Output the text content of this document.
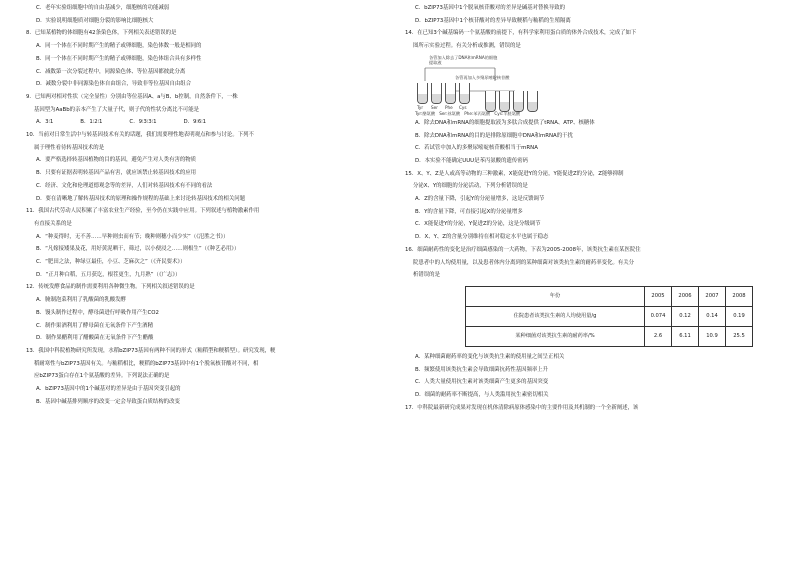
C．老年实验组细胞中的自由基减少，细胞核的功能减弱
D．实验说明细胞质对细胞分裂的影响比细胞核大
8．已知某植物的体细胞有42条染色体，下列相关表述错误的是
A．同一个体在不同时期产生的精子或卵细胞，染色体数一般是相同的
B．同一个体在不同时期产生的精子或卵细胞，染色体组合具有多样性
C．减数第一次分裂过程中，同源染色体、等位基因都彼此分离
D．减数分裂中非同源染色体自由组合，导致非等位基因自由组合
9．已知两对相对性状（完全显性）分别由等位基因A、a与B、b控制，自然条件下，一株
基因型为AaBb的亲本产生了大量子代，则子代的性状分离比不可能是
A．3∶1　　　　　B．1∶2∶1　　　　　C．9∶3∶3∶1　　　　　D．9∶6∶1
10．当前对日常生活中与转基因技术有关的话题，我们需要理性地表明观点和参与讨论。下列不
属于理性看待转基因技术的是
A．要严格选择转基因植物的目的基因，避免产生对人类有害的物质
B．只要有证据表明转基因产品有害，就应该禁止转基因技术的应用
C．经济、文化和伦理道德观念等的差异，人们对转基因技术有不同的看法
D．要在清晰地了解转基因技术的原理和操作规程的基础上来讨论转基因技术的相关问题
11．我国古代劳动人民积累了丰富农业生产经验，至今仍在实践中应用。下列叙述与植物激素作用
有直接关系的是
A．“种麦得时，无不善……早种则虫而有节；晚种则穗小而少实”（《氾胜之书》）
B．“凡嫁接矮果及花，用好黄泥晒干，筛过，以小便浸之……则根生”（《种艺必用》）
C．“肥田之法，种绿豆最佳，小豆、芝麻次之”（《齐民要术》）
D．“正月种白稻，五月获讫，根茬更生，九月熟”（《广志》）
12．传统发酵食品的制作需要利用各种微生物。下列相关叙述错误的是
A．腌制泡菜利用了乳酸菌的乳酸发酵
B．馒头制作过程中，酵母菌进行呼吸作用产生CO2
C．制作果酒利用了酵母菌在无氧条件下产生酒精
D．制作果醋利用了醋酸菌在无氧条件下产生醋酸
13．我国中科院植物研究所发现，水稻bZIP73基因有两种不同的形式（籼稻型和粳稻型）。研究发现，粳
稻耐寒性与bZIP73基因有关。与籼稻相比，粳稻的bZIP73基因中有1个脱氧核苷酸对不同，相
应bZIP73蛋白存在1个氨基酸的差异。下列说法正确的是
A．bZIP73基因中的1个碱基对的差异是由于基因突变引起的
B．基因中碱基排列顺序的改变一定会导致蛋白质结构的改变
C．bZIP73基因中1个脱氧核苷酸对的差异是碱基对替换导致的
D．bZIP73基因中1个核苷酸对的差异导致粳稻与籼稻的生殖隔离
14．在已知3个碱基编码一个氨基酸的前提下，有科学家利用蛋白质的体外合成技术，完成了如下
图所示实验过程。有关分析或推测，错误的是
各管加入除去了DNA和mRNA的细胞提取液
各管再加入多聚尿嘧啶核苷酸
Tyr Ser Phe Cys
Tyr:酪氨酸　Ser:丝氨酸　Phe:苯丙氨酸　Cys:半胱氨酸
A．除去DNA和mRNA的细胞提取液为多肽合成提供了tRNA、ATP、核糖体
B．除去DNA和mRNA的目的是排除原细胞中DNA和mRNA的干扰
C．若试管中加入的多聚尿嘧啶核苷酸相当于mRNA
D．本实验不能确定UUU是苯丙氨酸的遗传密码
15．X、Y、Z是人或高等动物的三种激素，X能促进Y的分泌，Y能促进Z的分泌，Z能够抑制
分泌X、Y的细胞的分泌活动，下列分析错误的是
A．Z的含量下降，引起Y的分泌量增多，这是反馈调节
B．Y的含量下降，可直接引起X的分泌量增多
C．X能促进Y的分泌，Y促进Z的分泌，这是分级调节
D．X、Y、Z的含量分别维持在相对稳定水平也属于稳态
16．细菌耐药性的变化是治疗细菌感染的一大药物，下表为2005-2008年，该类抗生素在某医院住
院患者中的人均使用量，以及患者体内分离到的某种细菌对该类抗生素的耐药率变化。有关分
析错误的是
年份	2005	2006	2007	2008
住院患者该类抗生素的人均使用量/g	0.074	0.12	0.14	0.19
某种细菌对该类抗生素的耐药率/%	2.6	6.11	10.9	25.5
A．某种细菌耐药率的变化与该类抗生素的使用量之间呈正相关
B．频繁使用该类抗生素会导致细菌抗药性基因频率上升
C．人类大量使用抗生素对该类细菌产生更多的基因突变
D．细菌的耐药率不断提高，与人类滥用抗生素密切相关
17．中科院最新研究成果对发现在机体清除病原体感染中的主要作用及其机制的一个全新阐述，该
